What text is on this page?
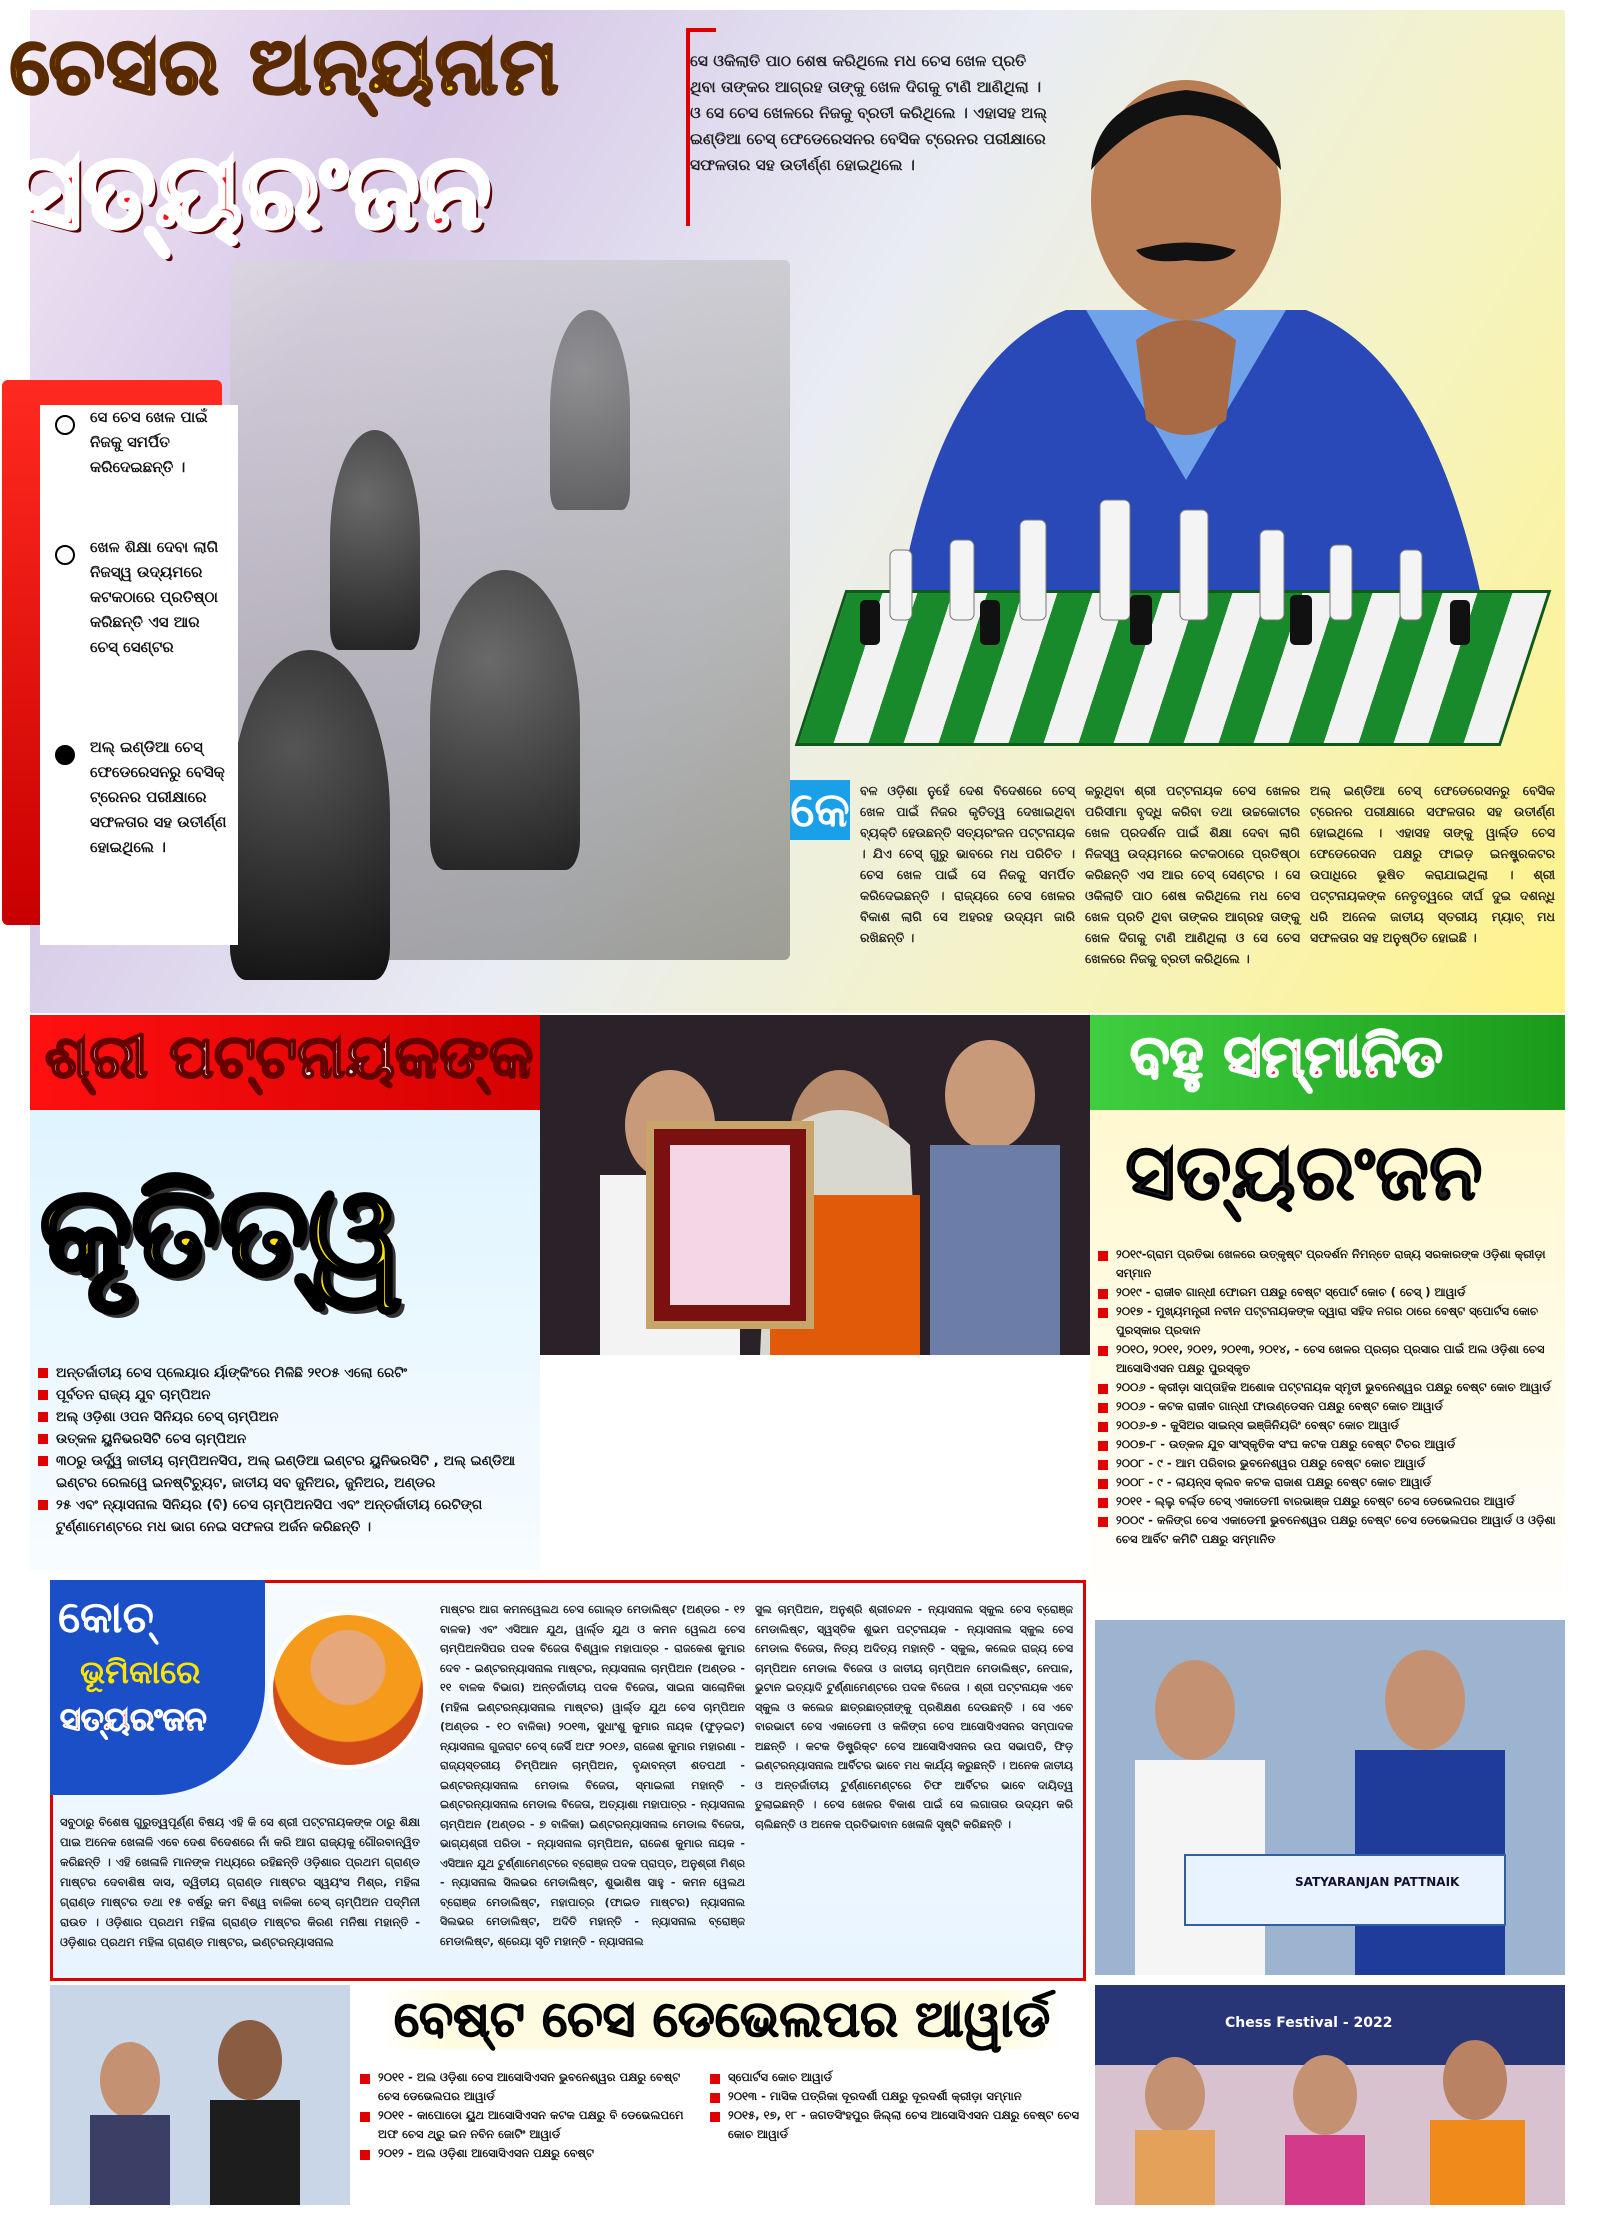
ଚେସର ଅନ୍ୟନାମ
ସତ୍ୟରଂଜନ
ସେ ଓକିଲାତି ପାଠ ଶେଷ କରିଥିଲେ ମଧ ଚେସ ଖେଳ ପ୍ରତି ଥିବା ତାଙ୍କର ଆଗ୍ରହ ତାଙ୍କୁ ଖେଳ ଦିଗକୁ ଟାଣି ଆଣିଥିଲା । ଓ ସେ ଚେସ ଖେଳରେ ନିଜକୁ ବ୍ରତୀ କରିଥିଲେ । ଏହାସହ ଅଲ୍ ଇଣ୍ଡିଆ ଚେସ୍ ଫେଡେରେସନର ବେସିକ ଟ୍ରେନର ପରୀକ୍ଷାରେ ସଫଳତାର ସହ ଉତୀର୍ଣ୍ଣ ହୋଇଥିଲେ ।
ସେ ଚେସ ଖେଳ ପାଇଁ ନିଜକୁ ସମର୍ପିତ କରିଦେଇଛନ୍ତି ।
ଖେଳ ଶିକ୍ଷା ଦେବା ଲାଗି ନିଜସ୍ୱ ଉଦ୍ୟମରେ କଟକଠାରେ ପ୍ରତିଷ୍ଠା କରିଛନ୍ତି ଏସ ଆର ଚେସ୍ ସେଣ୍ଟର
ଅଲ୍ ଇଣ୍ଡିଆ ଚେସ୍ ଫେଡେରେସନରୁ ବେସିକ୍ ଟ୍ରେନର ପରୀକ୍ଷାରେ ସଫଳତାର ସହ ଉତୀର୍ଣ୍ଣ ହୋଇଥିଲେ ।
କେ ବଳ ଓଡ଼ିଶା ନୁହେଁ ଦେଶ ବିଦେଶରେ ଚେସ୍ ଖେଳ ପାଇଁ ନିଜର କୃତିତ୍ୱ ଦେଖାଇଥିବା ବ୍ୟକ୍ତି ହେଉଛନ୍ତି ସତ୍ୟରଂଜନ ପଟ୍ଟନାୟକ । ଯିଏ ଚେସ୍ ଗୁରୁ ଭାବରେ ମଧ ପରିଚିତ । ଚେସ ଖେଳ ପାଇଁ ସେ ନିଜକୁ ସମର୍ପିତ କରିଦେଇଛନ୍ତି । ରାଜ୍ୟରେ ଚେସ ଖେଳର ବିକାଶ ଲାଗି ସେ ଅହରହ ଉଦ୍ୟମ ଜାରି ରଖିଛନ୍ତି ।
କରୁଥିବା ଶ୍ରୀ ପଟ୍ଟନାୟକ ଚେସ ଖେଳର ପରିସୀମା ବୃଦ୍ଧି କରିବା ତଥା ଉଚ୍ଚକୋଟୀର ଖେଳ ପ୍ରଦର୍ଶନ ପାଇଁ ଶିକ୍ଷା ଦେବା ଲାଗି ନିଜସ୍ୱ ଉଦ୍ୟମରେ କଟକଠାରେ ପ୍ରତିଷ୍ଠା କରିଛନ୍ତି ଏସ ଆର ଚେସ୍ ସେଣ୍ଟର । ସେ ଓକିଲାତି ପାଠ ଶେଷ କରିଥିଲେ ମଧ ଚେସ ଖେଳ ପ୍ରତି ଥିବା ତାଙ୍କର ଆଗ୍ରହ ତାଙ୍କୁ ଖେଳ ଦିଗକୁ ଟାଣି ଆଣିଥିଲା ଓ ସେ ଚେସ ଖେଳରେ ନିଜକୁ ବ୍ରତୀ କରିଥିଲେ ।
ଅଲ୍ ଇଣ୍ଡିଆ ଚେସ୍ ଫେଡେରେସନରୁ ବେସିକ ଟ୍ରେନର ପରୀକ୍ଷାରେ ସଫଳତାର ସହ ଉତୀର୍ଣ୍ଣ ହୋଇଥିଲେ । ଏହାସହ ତାଙ୍କୁ ୱାର୍ଲ୍ଡ ଚେସ ଫେଡେରେସନ ପକ୍ଷରୁ ଫାଇଡ଼ ଇନଷ୍ଟ୍ରକଟର ଉପାଧିରେ ଭୂଷିତ କରାଯାଇଥିଲା । ଶ୍ରୀ ପଟ୍ଟନାୟକଙ୍କ ନେତୃତ୍ୱରେ ଦୀର୍ଘ ଦୁଇ ଦଶନ୍ଧି ଧରି ଅନେକ ଜାତୀୟ ସ୍ତରୀୟ ମ୍ୟାଚ୍ ମଧ ସଫଳତାର ସହ ଅନୁଷ୍ଠିତ ହୋଇଛି ।
ଶ୍ରୀ ପଟ୍ଟନାୟକଙ୍କ	ବହୁ ସମ୍ମାନିତ
କୃତିତ୍ୱ
ଅନ୍ତର୍ଜାତୀୟ ଚେସ ପ୍ଲେୟାର ର୍ୟାଙ୍କିଂରେ ମିଳିଛି ୨୧୦୫ ଏଲୋ ରେଟିଂ
ପୂର୍ବତନ ରାଜ୍ୟ ଯୁବ ଚାମ୍ପିଅନ
ଅଲ୍ ଓଡ଼ିଶା ଓପନ ସିନିୟର ଚେସ୍ ଚାମ୍ପିଅନ
ଉତ୍କଳ ୟୁନିଭରସିଟି ଚେସ ଚାମ୍ପିଅନ
୩୦ରୁ ଊର୍ଦ୍ଧ୍ୱ ଜାତୀୟ ଚାମ୍ପିଅନସିପ, ଅଲ୍ ଇଣ୍ଡିଆ ଇଣ୍ଟର ୟୁନିଭରସିଟି , ଅଲ୍ ଇଣ୍ଡିଆ ଇଣ୍ଟର ରେଲୱେ ଇନଷ୍ଟିଚ୍ୟୁଟ, ଜାତୀୟ ସବ ଜୁନିଅର, ଜୁନିଅର, ଅଣ୍ଡର
୨୫ ଏବଂ ନ୍ୟାସନାଲ ସିନିୟର (ବି) ଚେସ ଚାମ୍ପିଅନସିପ ଏବଂ ଅନ୍ତର୍ଜାତୀୟ ରେଟିଙ୍ଗ ଟୁର୍ଣ୍ଣାମେଣ୍ଟରେ ମଧ ଭାଗ ନେଇ ସଫଳତା ଅର୍ଜନ କରିଛନ୍ତି ।
ସତ୍ୟରଂଜନ
୨୦୧୯-ଗ୍ରାମ ପ୍ରତିଭା ଖେଳରେ ଉତ୍କୃଷ୍ଟ ପ୍ରଦର୍ଶନ ନିମନ୍ତେ ରାଜ୍ୟ ସରକାରଙ୍କ ଓଡ଼ିଶା କ୍ରୀଡ଼ା ସମ୍ମାନ
୨୦୧୯ - ରାଜୀବ ଗାନ୍ଧୀ ଫୋରମ ପକ୍ଷରୁ ବେଷ୍ଟ ସ୍ପୋର୍ଟ କୋଚ ( ଚେସ୍ ) ଆୱାର୍ଡ
୨୦୧୭ - ମୁଖ୍ୟମନ୍ତ୍ରୀ ନବୀନ ପଟ୍ଟନାୟକଙ୍କ ଦ୍ୱାରା ସହିଦ ନଗର ଠାରେ ବେଷ୍ଟ ସ୍ପୋର୍ଟସ କୋଚ ପୁରସ୍କାର ପ୍ରଦାନ
୨୦୧୦, ୨୦୧୧, ୨୦୧୨, ୨୦୧୩, ୨୦୧୪, - ଚେସ ଖେଳର ପ୍ରଚାର ପ୍ରସାର ପାଇଁ ଅଲ ଓଡ଼ିଶା ଚେସ ଆସୋସିଏସନ ପକ୍ଷରୁ ପୁରସ୍କୃତ
୨୦୦୬ - କ୍ରୀଡ଼ା ସାପ୍ତାହିକ ଅଶୋକ ପଟ୍ଟନାୟକ ସ୍ମୃତୀ ଭୁବନେଶ୍ୱର ପକ୍ଷରୁ ବେଷ୍ଟ କୋଚ ଆୱାର୍ଡ
୨୦୦୬ - କଟକ ରାଜୀବ ଗାନ୍ଧୀ ଫାଉଣ୍ଡେସନ ପକ୍ଷରୁ ବେଷ୍ଟ କୋଚ ଆୱାର୍ଡ
୨୦୦୬-୭ - କୁସିଅର ସାଇନ୍ସ ଇଞ୍ଜିନିୟରିଂ ବେଷ୍ଟ କୋଚ ଆୱାର୍ଡ
୨୦୦୭-୮ - ଉତ୍କଳ ଯୁବ ସାଂସ୍କୃତିକ ସଂଘ କଟକ ପକ୍ଷରୁ ବେଷ୍ଟ ଟିଚର ଆୱାର୍ଡ
୨୦୦୮ - ୯ - ଆମ ପରିବାର ଭୁବନେଶ୍ୱର ପକ୍ଷରୁ ବେଷ୍ଟ କୋଚ ଆୱାର୍ଡ
୨୦୦୮ - ୯ - ଲାୟନ୍ସ କ୍ଲବ କଟକ ରାଜାଶ ପକ୍ଷରୁ ବେଷ୍ଟ କୋଚ ଆୱାର୍ଡ
୨୦୧୧ - ଲ୍ଲୁ ବର୍ଲ୍ଡ ଚେସ୍ ଏକାଡେମୀ ବାରଭାଞ୍ଜ ପକ୍ଷରୁ ବେଷ୍ଟ ଚେସ ଡେଭେଲପର ଆୱାର୍ଡ
୨୦୦୯ - କଳିଙ୍ଗ ଚେସ ଏକାଡେମୀ ଭୁବନେଶ୍ୱର ପକ୍ଷରୁ ବେଷ୍ଟ ଚେସ ଡେଭେଲପର ଆୱାର୍ଡ ଓ ଓଡ଼ିଶା ଚେସ ଆର୍ବିଟ କମିଟି ପକ୍ଷରୁ ସମ୍ମାନିତ
କୋଚ୍
ଭୂମିକାରେ
ସତ୍ୟରଂଜନ
ସବୁଠାରୁ ବିଶେଷ ଗୁରୁତ୍ୱପୂର୍ଣ୍ଣ ବିଷୟ ଏହି କି ସେ ଶ୍ରୀ ପଟ୍ଟନାୟକଙ୍କ ଠାରୁ ଶିକ୍ଷା ପାଇ ଅନେକ ଖେଳାଳି ଏବେ ଦେଶ ବିଦେଶରେ ନାଁ କରି ଆଗ ରାଜ୍ୟକୁ ଗୌରବାନ୍ୱିତ କରିଛନ୍ତି । ଏହି ଖେଳାଳି ମାନଙ୍କ ମଧ୍ୟରେ ରହିଛନ୍ତି ଓଡ଼ିଶାର ପ୍ରଥମ ଗ୍ରାଣ୍ଡ ମାଷ୍ଟର ଦେବାଶିଷ ଦାସ, ଦ୍ୱିତୀୟ ଗ୍ରାଣ୍ଡ ମାଷ୍ଟର ସ୍ୱୟଂସ ମିଶ୍ର, ମହିଳା ଗ୍ରାଣ୍ଡ ମାଷ୍ଟର ତଥା ୧୫ ବର୍ଷରୁ କମ ବିଶ୍ୱ ବାଳିକା ଚେସ୍ ଚାମ୍ପିଅନ ପଦ୍ମିନୀ ରାଉତ । ଓଡ଼ିଶାର ପ୍ରଥମ ମହିଳା ଗ୍ରାଣ୍ଡ ମାଷ୍ଟର କିରଣ ମନିଷା ମହାନ୍ତି - ଓଡ଼ିଶାର ପ୍ରଥମ ମହିଳା ଗ୍ରାଣ୍ଡ ମାଷ୍ଟର, ଇଣ୍ଟରନ୍ୟାସନାଲ
ମାଷ୍ଟର ଆଗ କମନୱେଲଥ ଚେସ ଗୋଲ୍ଡ ମେଡାଲିଷ୍ଟ (ଅଣ୍ଡର - ୧୨ ବାଳକ) ଏବଂ ଏସିଆନ ଯୁଥ, ୱାର୍ଲ୍ଡ ଯୁଥ ଓ କମନ ୱେଲଥ ଚେସ ଚାମ୍ପିଅନସିପର ପଦକ ବିଜେତା ବିଶ୍ୱାଳ ମହାପାତ୍ର - ରାଜକେଶ କୁମାର ଦେବ - ଇଣ୍ଟରନ୍ୟାସନାଲ ମାଷ୍ଟର, ନ୍ୟାସନାଲ ଚାମ୍ପିଅନ (ଅଣ୍ଡର - ୧୧ ବାଳକ ବିଭାଗ) ଅନ୍ତର୍ଜାତୀୟ ପଦକ ବିଜେତା, ସାଇନା ସାଲୋନିକା (ମହିଳା ଇଣ୍ଟରନ୍ୟାସନାଲ ମାଷ୍ଟର) ୱାର୍ଲ୍ଡ ଯୁଥ ଚେସ ଚାମ୍ପିଅନ (ଅଣ୍ଡର - ୧୦ ବାଳିକା) ୨୦୧୩, ସୁଧାଂଶୁ କୁମାର ନାୟକ (ଫୁଡ଼ଇଟ) ନ୍ୟାସନାଲ ଗୁଜରାଟ ଚେସ୍ ଜେର୍ସି ଅଫ ୨୦୧୬, ରାଜେଶ କୁମାର ମହାରଣା - ରାଜ୍ୟସ୍ତରୀୟ ଚିମ୍ପିଆନ ଚାମ୍ପିଅନ, ବୃନ୍ଦାବନ୍ତୀ ଶତପଥୀ - ଇଣ୍ଟରନ୍ୟାସନାଲ ମେଡାଲ ବିଜେତା, ସ୍ମାଇଲୀ ମହାନ୍ତି - ଇଣ୍ଟରନ୍ୟାସନାଲ ମେଡାଲ ବିଜେତା, ଅତ୍ୟାଶା ମହାପାତ୍ର - ନ୍ୟାସନାଲ ଚାମ୍ପିଅନ (ଅଣ୍ଡର - ୭ ବାଳିକା) ଇଣ୍ଟରନ୍ୟାସନାଲ ମେଡାଲ ବିଜେତା, ଭାଗ୍ୟଶ୍ରୀ ପରିଡା - ନ୍ୟାସନାଲ ଚାମ୍ପିଅନ, ରାଜେଶ କୁମାର ନାୟକ - ଏସିଆନ ଯୁଥ ଟୁର୍ଣ୍ଣାମେଣ୍ଟରେ ବ୍ରୋଞ୍ଜ ପଦକ ପ୍ରାପ୍ତ, ଅନୁଶ୍ରୀ ମିଶ୍ର - ନ୍ୟାସନାଲ ସିଲଭର ମେଡାଲିଷ୍ଟ, ଶୁଭାଶିଷ ସାହୁ - କମନ ୱେଲଥ ବ୍ରୋଞ୍ଜ ମେଡାଲିଷ୍ଟ, ମହାପାତ୍ର (ଫାଇଡ ମାଷ୍ଟର) ନ୍ୟାସନାଲ ସିଲଭର ମେଡାଲିଷ୍ଟ, ଅଦିତି ମହାନ୍ତି - ନ୍ୟାସନାଲ ବ୍ରୋଞ୍ଜ ମେଡାଲିଷ୍ଟ, ଶ୍ରେୟା ସୃତି ମହାନ୍ତି - ନ୍ୟାସନାଲ
ସୁଲ ଚାମ୍ପିଅନ, ଅନୁଶ୍ରି ଶ୍ରୀଚନ୍ଦନ - ନ୍ୟାସନାଲ ସ୍କୁଲ ଚେସ ବ୍ରୋଞ୍ଜ ମେଡାଲିଷ୍ଟ, ସ୍ୱସ୍ତିକ ଶୁଭମ ପଟ୍ଟନାୟକ - ନ୍ୟାସନାଲ ସ୍କୁଲ ଚେସ ମେଡାଲ ବିଜେତା, ନିତ୍ୟ ଅଦିତ୍ୟ ମହାନ୍ତି - ସ୍କୁଲ, କଲେଜ ରାଜ୍ୟ ଚେସ ଚାମ୍ପିଅନ ମେଡାଲ ବିଜେତା ଓ ଜାତୀୟ ଚାମ୍ପିଅନ ମେଡାଲିଷ୍ଟ, ନେପାଳ, ଭୁଟାନ ଇତ୍ୟାଦି ଟୁର୍ଣ୍ଣାମେଣ୍ଟରେ ପଦକ ବିଜେତା । ଶ୍ରୀ ପଟ୍ଟନାୟକ ଏବେ ସ୍କୁଲ ଓ କଲେଜ ଛାତ୍ରଛାତ୍ରୀଙ୍କୁ ପ୍ରଶିକ୍ଷଣ ଦେଉଛନ୍ତି । ସେ ଏବେ ବାରଭାଟୀ ଚେସ ଏକାଡେମୀ ଓ କଳିଙ୍ଗ ଚେସ ଆସୋସିଏସନର ସମ୍ପାଦକ ଅଛନ୍ତି । କଟକ ଡିଷ୍ଟ୍ରିକ୍ଟ ଚେସ ଆସୋସିଏସନର ଉପ ସଭାପତି, ଫିଡ଼ ଇଣ୍ଟରନ୍ୟାସନାଲ ଆର୍ବିଟର ଭାବେ ମଧ କାର୍ଯ୍ୟ କରୁଛନ୍ତି । ଅନେକ ଜାତୀୟ ଓ ଅନ୍ତର୍ଜାତୀୟ ଟୁର୍ଣ୍ଣାମେଣ୍ଟରେ ଚିଫ ଆର୍ବିଟର ଭାବେ ଦାୟିତ୍ୱ ତୁଲାଇଛନ୍ତି । ଚେସ ଖେଳର ବିକାଶ ପାଇଁ ସେ ଲଗାତାର ଉଦ୍ୟମ କରି ଚାଲିଛନ୍ତି ଓ ଅନେକ ପ୍ରତିଭାବାନ ଖେଳାଳି ସୃଷ୍ଟି କରିଛନ୍ତି ।
SATYARANJAN PATTNAIK
Chess Festival - 2022
ବେଷ୍ଟ ଚେସ ଡେଭେଲପର ଆୱାର୍ଡ
୨୦୧୧ - ଅଲ ଓଡ଼ିଶା ଚେସ ଆସୋସିଏସନ ଭୁବନେଶ୍ୱର ପକ୍ଷରୁ ବେଷ୍ଟ ଚେସ ଡେଭେଲପର ଆୱାର୍ଡ
୨୦୧୧ - କାପୋଡୋ ୟୁଥ ଆସୋସିଏସନ କଟକ ପକ୍ଷରୁ ବି ଡେଭେଲପମେ ଅଫ ଚେସ ଥ୍ରୁ ଇନ ନବିନ ଜୋଟିଂ ଆୱାର୍ଡ
୨୦୧୨ - ଅଲ ଓଡ଼ିଶା ଆସୋସିଏସନ ପକ୍ଷରୁ ବେଷ୍ଟ
ସ୍ପୋର୍ଟସ କୋଚ ଆୱାର୍ଡ
୨୦୧୩ - ମାସିକ ପତ୍ରିକା ଦୂରଦର୍ଶୀ ପକ୍ଷରୁ ଦୂରଦର୍ଶୀ କ୍ରୀଡ଼ା ସମ୍ମାନ
୨୦୧୫, ୧୭, ୧୮ - ଜଗତସିଂହପୁର ଜିଲ୍ଲା ଚେସ ଆସୋସିଏସନ ପକ୍ଷରୁ ବେଷ୍ଟ ଚେସ କୋଚ ଆୱାର୍ଡ
